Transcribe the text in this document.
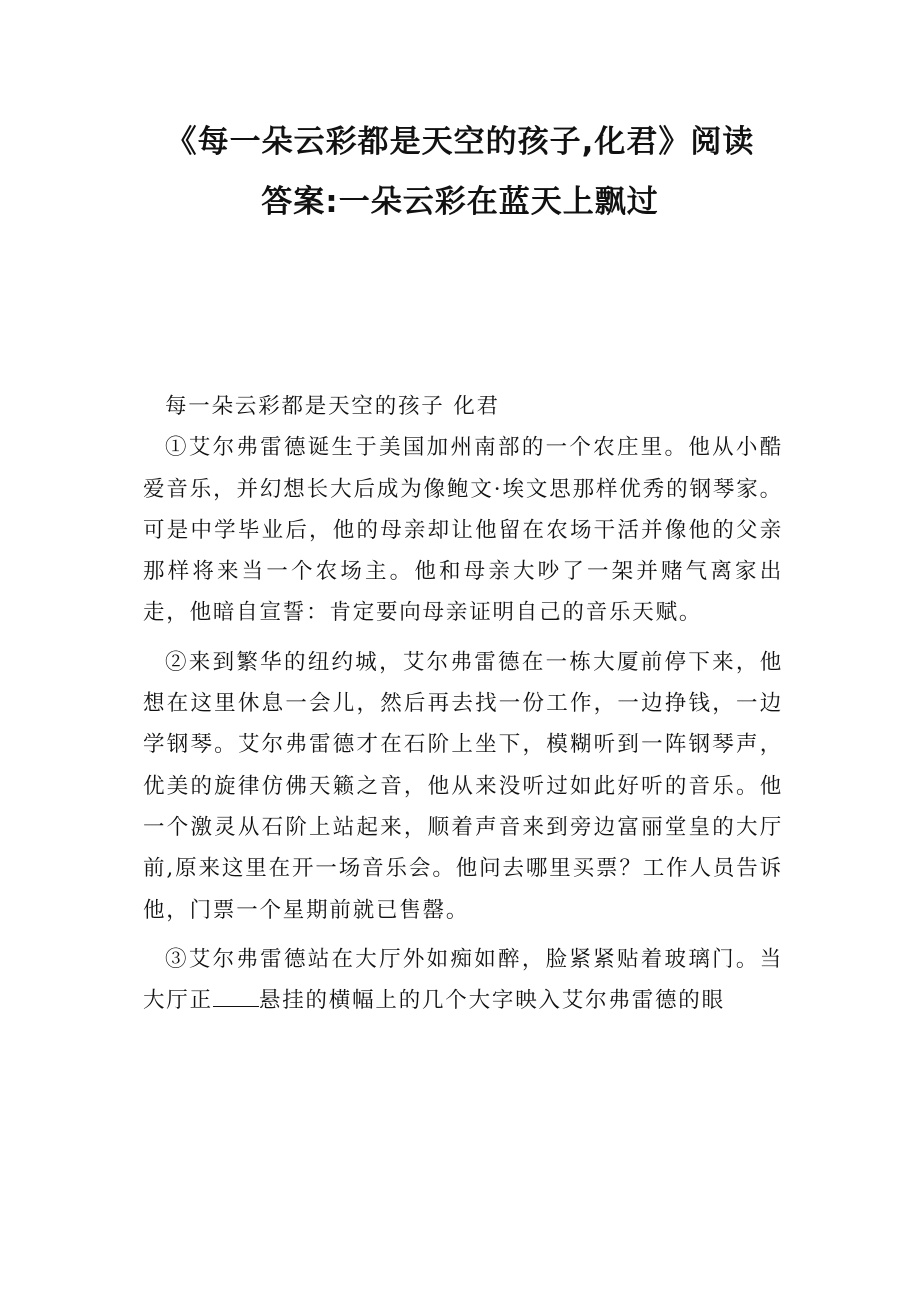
《每一朵云彩都是天空的孩子,化君》阅读
答案:一朵云彩在蓝天上飘过

每一朵云彩都是天空的孩子 化君

①艾尔弗雷德诞生于美国加州南部的一个农庄里。他从小酷爱音乐，并幻想长大后成为像鲍文·埃文思那样优秀的钢琴家。可是中学毕业后，他的母亲却让他留在农场干活并像他的父亲那样将来当一个农场主。他和母亲大吵了一架并赌气离家出走，他暗自宣誓：肯定要向母亲证明自己的音乐天赋。

②来到繁华的纽约城，艾尔弗雷德在一栋大厦前停下来，他想在这里休息一会儿，然后再去找一份工作，一边挣钱，一边学钢琴。艾尔弗雷德才在石阶上坐下，模糊听到一阵钢琴声，优美的旋律仿佛天籁之音，他从来没听过如此好听的音乐。他一个激灵从石阶上站起来，顺着声音来到旁边富丽堂皇的大厅前,原来这里在开一场音乐会。他问去哪里买票？工作人员告诉他，门票一个星期前就已售罄。

③艾尔弗雷德站在大厅外如痴如醉，脸紧紧贴着玻璃门。当大厅正 悬挂的横幅上的几个大字映入艾尔弗雷德的眼
